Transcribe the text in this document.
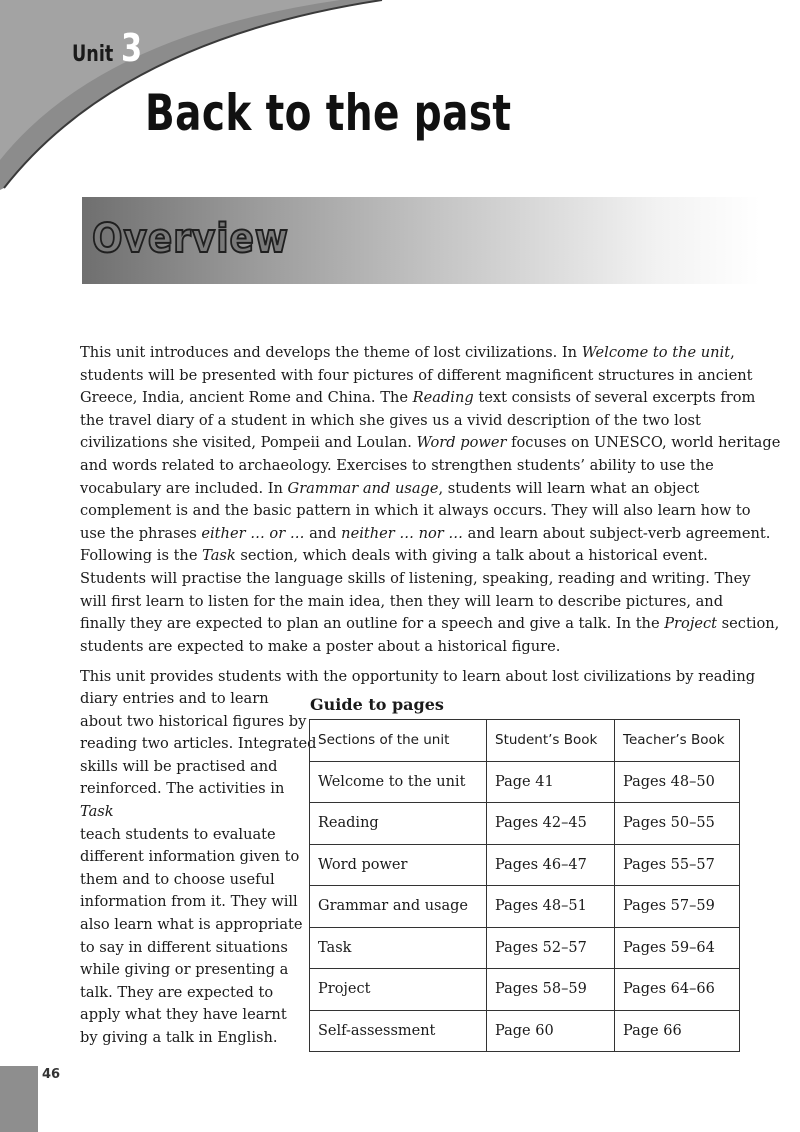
Unit 3
Back to the past
Overview
This unit introduces and develops the theme of lost civilizations. In Welcome to the unit,
students will be presented with four pictures of different magnificent structures in ancient
Greece, India, ancient Rome and China. The Reading text consists of several excerpts from
the travel diary of a student in which she gives us a vivid description of the two lost
civilizations she visited, Pompeii and Loulan. Word power focuses on UNESCO, world heritage
and words related to archaeology. Exercises to strengthen students’ ability to use the
vocabulary are included. In Grammar and usage, students will learn what an object
complement is and the basic pattern in which it always occurs. They will also learn how to
use the phrases either … or … and neither … nor … and learn about subject-verb agreement.
Following is the Task section, which deals with giving a talk about a historical event.
Students will practise the language skills of listening, speaking, reading and writing. They
will first learn to listen for the main idea, then they will learn to describe pictures, and
finally they are expected to plan an outline for a speech and give a talk. In the Project section,
students are expected to make a poster about a historical figure.
This unit provides students with the opportunity to learn about lost civilizations by reading
diary entries and to learn
about two historical figures by
reading two articles. Integrated
skills will be practised and
reinforced. The activities in
Task
teach students to evaluate
different information given to
them and to choose useful
information from it. They will
also learn what is appropriate
to say in different situations
while giving or presenting a
talk. They are expected to
apply what they have learnt
by giving a talk in English.
Guide to pages
Sections of the unit	Student’s Book	Teacher’s Book
Welcome to the unit	Page 41	Pages 48–50
Reading	Pages 42–45	Pages 50–55
Word power	Pages 46–47	Pages 55–57
Grammar and usage	Pages 48–51	Pages 57–59
Task	Pages 52–57	Pages 59–64
Project	Pages 58–59	Pages 64–66
Self-assessment	Page 60	Page 66
46
